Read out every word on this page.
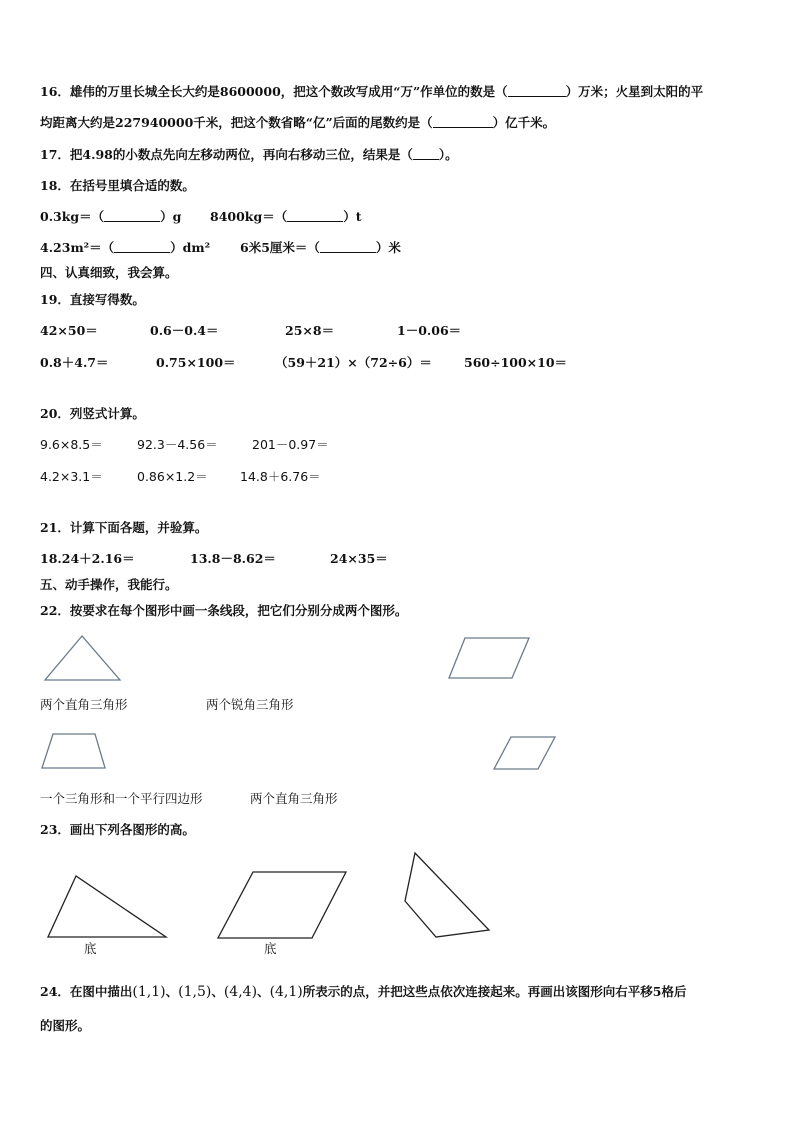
16．雄伟的万里长城全长大约是8600000，把这个数改写成用“万”作单位的数是（	）万米；火星到太阳的平
均距离大约是227940000千米，把这个数省略“亿”后面的尾数约是（	）亿千米。
17．把4.98的小数点先向左移动两位，再向右移动三位，结果是（ ）。
18．在括号里填合适的数。
0.3kg＝（	）g 8400kg＝（	）t
4.23m²＝（	）dm² 6米5厘米＝（	）米
四、认真细致，我会算。
19．直接写得数。
42×50＝	0.6－0.4＝	25×8＝	1－0.06＝
0.8＋4.7＝	0.75×100＝	（59＋21）×（72÷6）＝	560÷100×10＝
20．列竖式计算。
9.6×8.5＝	92.3－4.56＝	201－0.97＝
4.2×3.1＝	0.86×1.2＝	14.8＋6.76＝
21．计算下面各题，并验算。
18.24＋2.16＝	13.8－8.62＝	24×35＝
五、动手操作，我能行。
22．按要求在每个图形中画一条线段，把它们分别分成两个图形。
两个直角三角形	两个锐角三角形
一个三角形和一个平行四边形	两个直角三角形
23．画出下列各图形的高。
底	底
24．在图中描出(1,1)、(1,5)、(4,4)、(4,1)所表示的点，并把这些点依次连接起来。再画出该图形向右平移5格后
的图形。
